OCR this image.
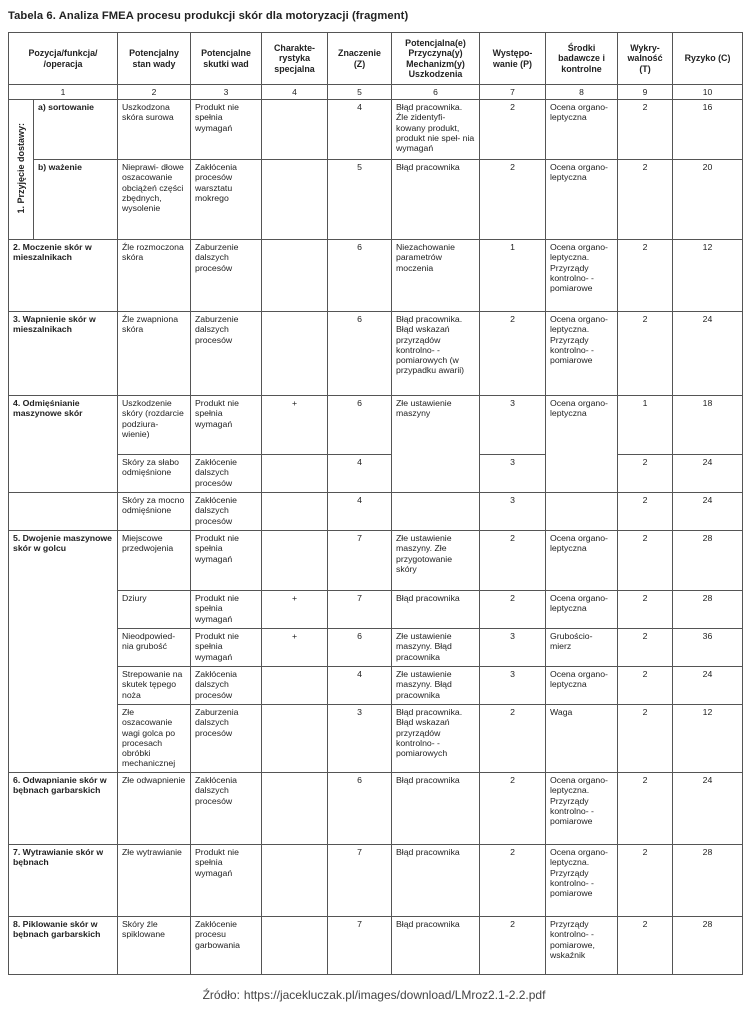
Tabela 6. Analiza FMEA procesu produkcji skór dla motoryzacji (fragment)
Pozycja/funkcja/ /operacja		Potencjalny stan wady	Potencjalne skutki wad	Charakte- rystyka specjalna	Znaczenie (Z)	Potencjalna(e) Przyczyna(y) Mechanizm(y) Uszkodzenia	Występo- wanie (P)	Środki badawcze i kontrolne	Wykry- walność (T)	Ryzyko (C)
1		2	3	4	5	6	7	8	9	10
1. Przyjęcie dostawy:	a) sortowanie	Uszkodzona skóra surowa	Produkt nie spełnia wymagań		4	Błąd pracownika. Źle zidentyfi- kowany produkt, produkt nie speł- nia wymagań	2	Ocena organo- leptyczna	2	16
	b) ważenie	Nieprawi- dłowe oszacowanie obciążeń części zbędnych, wysolenie	Zakłócenia procesów warsztatu mokrego		5	Błąd pracownika	2	Ocena organo- leptyczna	2	20
2. Moczenie skór w mieszalnikach		Źle rozmoczona skóra	Zaburzenie dalszych procesów		6	Niezachowanie parametrów moczenia	1	Ocena organo- leptyczna. Przyrządy kontrolno- -pomiarowe	2	12
3. Wapnienie skór w mieszalnikach		Źle zwapniona skóra	Zaburzenie dalszych procesów		6	Błąd pracownika. Błąd wskazań przyrządów kontrolno- -pomiarowych (w przypadku awarii)	2	Ocena organo- leptyczna. Przyrządy kontrolno- -pomiarowe	2	24
4. Odmięśnianie maszynowe skór		Uszkodzenie skóry (rozdarcie podziura- wienie)	Produkt nie spełnia wymagań	+	6	Złe ustawienie maszyny	3	Ocena organo- leptyczna	1	18
		Skóry za słabo odmięśnione	Zakłócenie dalszych procesów		4		3		2	24
		Skóry za mocno odmięśnione	Zakłócenie dalszych procesów		4		3		2	24
5. Dwojenie maszynowe skór w golcu		Miejscowe przedwojenia	Produkt nie spełnia wymagań		7	Złe ustawienie maszyny. Złe przygotowanie skóry	2	Ocena organo- leptyczna	2	28
		Dziury	Produkt nie spełnia wymagań	+	7	Błąd pracownika	2	Ocena organo- leptyczna	2	28
		Nieodpowied- nia grubość	Produkt nie spełnia wymagań	+	6	Złe ustawienie maszyny. Błąd pracownika	3	Grubościo- mierz	2	36
		Strepowanie na skutek tępego noża	Zakłócenia dalszych procesów		4	Złe ustawienie maszyny. Błąd pracownika	3	Ocena organo- leptyczna	2	24
		Złe oszacowanie wagi golca po procesach obróbki mechanicznej	Zaburzenia dalszych procesów		3	Błąd pracownika. Błąd wskazań przyrządów kontrolno- -pomiarowych	2	Waga	2	12
6. Odwapnianie skór w bębnach garbarskich		Złe odwapnienie	Zakłócenia dalszych procesów		6	Błąd pracownika	2	Ocena organo- leptyczna. Przyrządy kontrolno- -pomiarowe	2	24
7. Wytrawianie skór w bębnach		Złe wytrawianie	Produkt nie spełnia wymagań		7	Błąd pracownika	2	Ocena organo- leptyczna. Przyrządy kontrolno- -pomiarowe	2	28
8. Piklowanie skór w bębnach garbarskich		Skóry źle spiklowane	Zakłócenie procesu garbowania		7	Błąd pracownika	2	Przyrządy kontrolno- -pomiarowe, wskaźnik	2	28
Źródło: https://jacekluczak.pl/images/download/LMroz2.1-2.2.pdf
